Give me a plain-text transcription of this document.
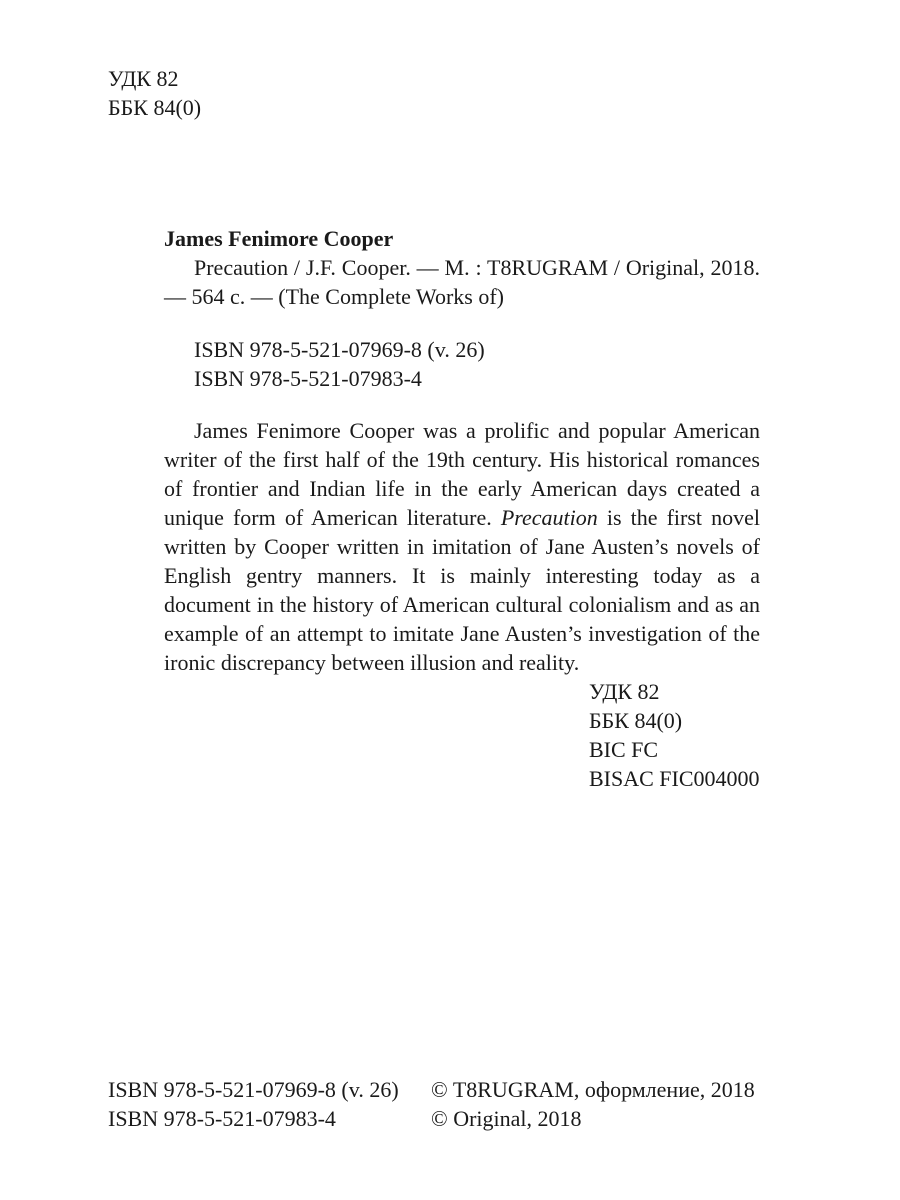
УДК 82
ББК 84(0)
James Fenimore Cooper
Precaution / J.F. Cooper. — M. : T8RUGRAM / Original, 2018. — 564 c. — (The Complete Works of)
ISBN 978-5-521-07969-8 (v. 26)
ISBN 978-5-521-07983-4
James Fenimore Cooper was a prolific and popular American writer of the first half of the 19th century. His historical romances of frontier and Indian life in the early American days created a unique form of American literature. Precaution is the first novel written by Cooper written in imitation of Jane Austen’s novels of English gentry manners. It is mainly interesting today as a document in the history of American cultural colonialism and as an example of an attempt to imitate Jane Austen’s investigation of the ironic discrepancy between illusion and reality.
УДК 82
ББК 84(0)
BIC FC
BISAC FIC004000
ISBN 978-5-521-07969-8 (v. 26)
ISBN 978-5-521-07983-4
© T8RUGRAM, оформление, 2018
© Original, 2018
